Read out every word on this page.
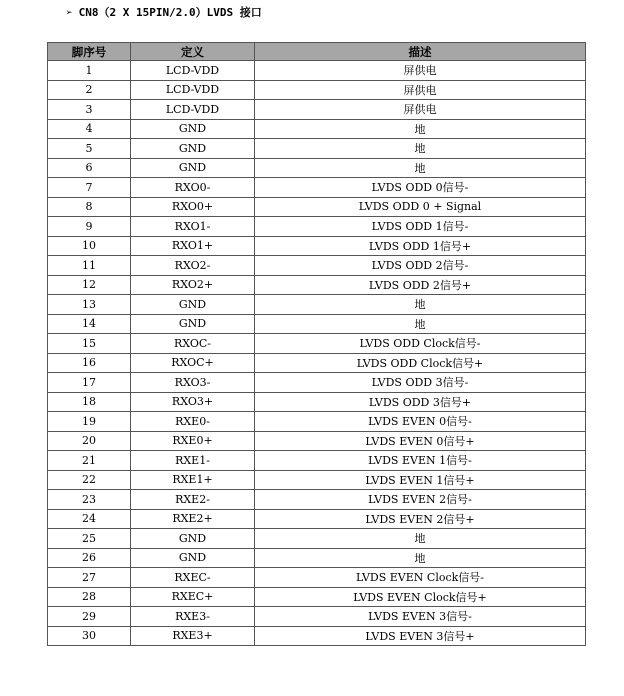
➢ CN8（2 X 15PIN/2.0）LVDS 接口
脚序号	定义	描述
1	LCD-VDD	屏供电
2	LCD-VDD	屏供电
3	LCD-VDD	屏供电
4	GND	地
5	GND	地
6	GND	地
7	RXO0-	LVDS ODD 0信号-
8	RXO0+	LVDS ODD 0 + Signal
9	RXO1-	LVDS ODD 1信号-
10	RXO1+	LVDS ODD 1信号+
11	RXO2-	LVDS ODD 2信号-
12	RXO2+	LVDS ODD 2信号+
13	GND	地
14	GND	地
15	RXOC-	LVDS ODD Clock信号-
16	RXOC+	LVDS ODD Clock信号+
17	RXO3-	LVDS ODD 3信号-
18	RXO3+	LVDS ODD 3信号+
19	RXE0-	LVDS EVEN 0信号-
20	RXE0+	LVDS EVEN 0信号+
21	RXE1-	LVDS EVEN 1信号-
22	RXE1+	LVDS EVEN 1信号+
23	RXE2-	LVDS EVEN 2信号-
24	RXE2+	LVDS EVEN 2信号+
25	GND	地
26	GND	地
27	RXEC-	LVDS EVEN Clock信号-
28	RXEC+	LVDS EVEN Clock信号+
29	RXE3-	LVDS EVEN 3信号-
30	RXE3+	LVDS EVEN 3信号+
